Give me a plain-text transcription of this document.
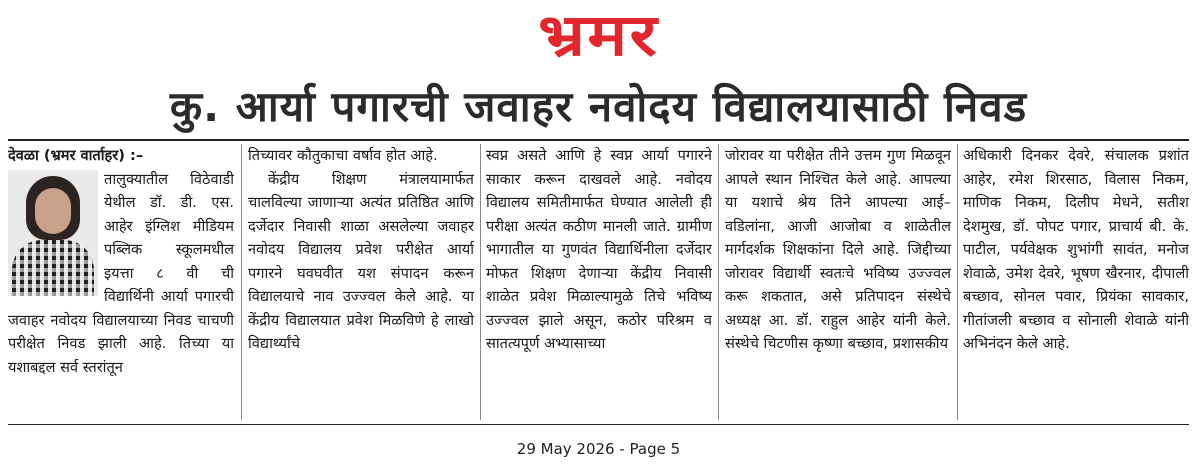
भ्रमर
कु. आर्या पगारची जवाहर नवोदय विद्यालयासाठी निवड

देवळा (भ्रमर वार्ताहर) :–

तालुक्यातील विठेवाडी येथील डॉ. डी. एस. आहेर इंग्लिश मीडियम पब्लिक स्कूलमधील इयत्ता ८ वी ची विद्यार्थिनी आर्या पगारची जवाहर नवोदय विद्यालयाच्या निवड चाचणी परीक्षेत निवड झाली आहे. तिच्या या यशाबद्दल सर्व स्तरांतून

तिच्यावर कौतुकाचा वर्षाव होत आहे.

केंद्रीय शिक्षण मंत्रालयामार्फत चालविल्या जाणाऱ्या अत्यंत प्रतिष्ठित आणि दर्जेदार निवासी शाळा असलेल्या जवाहर नवोदय विद्यालय प्रवेश परीक्षेत आर्या पगारने घवघवीत यश संपादन करून विद्यालयाचे नाव उज्ज्वल केले आहे. या केंद्रीय विद्यालयात प्रवेश मिळविणे हे लाखो विद्यार्थ्यांचे

स्वप्न असते आणि हे स्वप्न आर्या पगारने साकार करून दाखवले आहे. नवोदय विद्यालय समितीमार्फत घेण्यात आलेली ही परीक्षा अत्यंत कठीण मानली जाते. ग्रामीण भागातील या गुणवंत विद्यार्थिनीला दर्जेदार मोफत शिक्षण देणाऱ्या केंद्रीय निवासी शाळेत प्रवेश मिळाल्यामुळे तिचे भविष्य उज्ज्वल झाले असून, कठोर परिश्रम व सातत्यपूर्ण अभ्यासाच्या

जोरावर या परीक्षेत तीने उत्तम गुण मिळवून आपले स्थान निश्चित केले आहे. आपल्या या यशाचे श्रेय तिने आपल्या आई–वडिलांना, आजी आजोबा व शाळेतील मार्गदर्शक शिक्षकांना दिले आहे. जिद्दीच्या जोरावर विद्यार्थी स्वतःचे भविष्य उज्ज्वल करू शकतात, असे प्रतिपादन संस्थेचे अध्यक्ष आ. डॉ. राहुल आहेर यांनी केले. संस्थेचे चिटणीस कृष्णा बच्छाव, प्रशासकीय

अधिकारी दिनकर देवरे, संचालक प्रशांत आहेर, रमेश शिरसाठ, विलास निकम, माणिक निकम, दिलीप मेधने, सतीश देशमुख, डॉ. पोपट पगार, प्राचार्य बी. के. पाटील, पर्यवेक्षक शुभांगी सावंत, मनोज शेवाळे, उमेश देवरे, भूषण खैरनार, दीपाली बच्छाव, सोनल पवार, प्रियंका सावकार, गीतांजली बच्छाव व सोनाली शेवाळे यांनी अभिनंदन केले आहे.

29 May 2026 - Page 5
